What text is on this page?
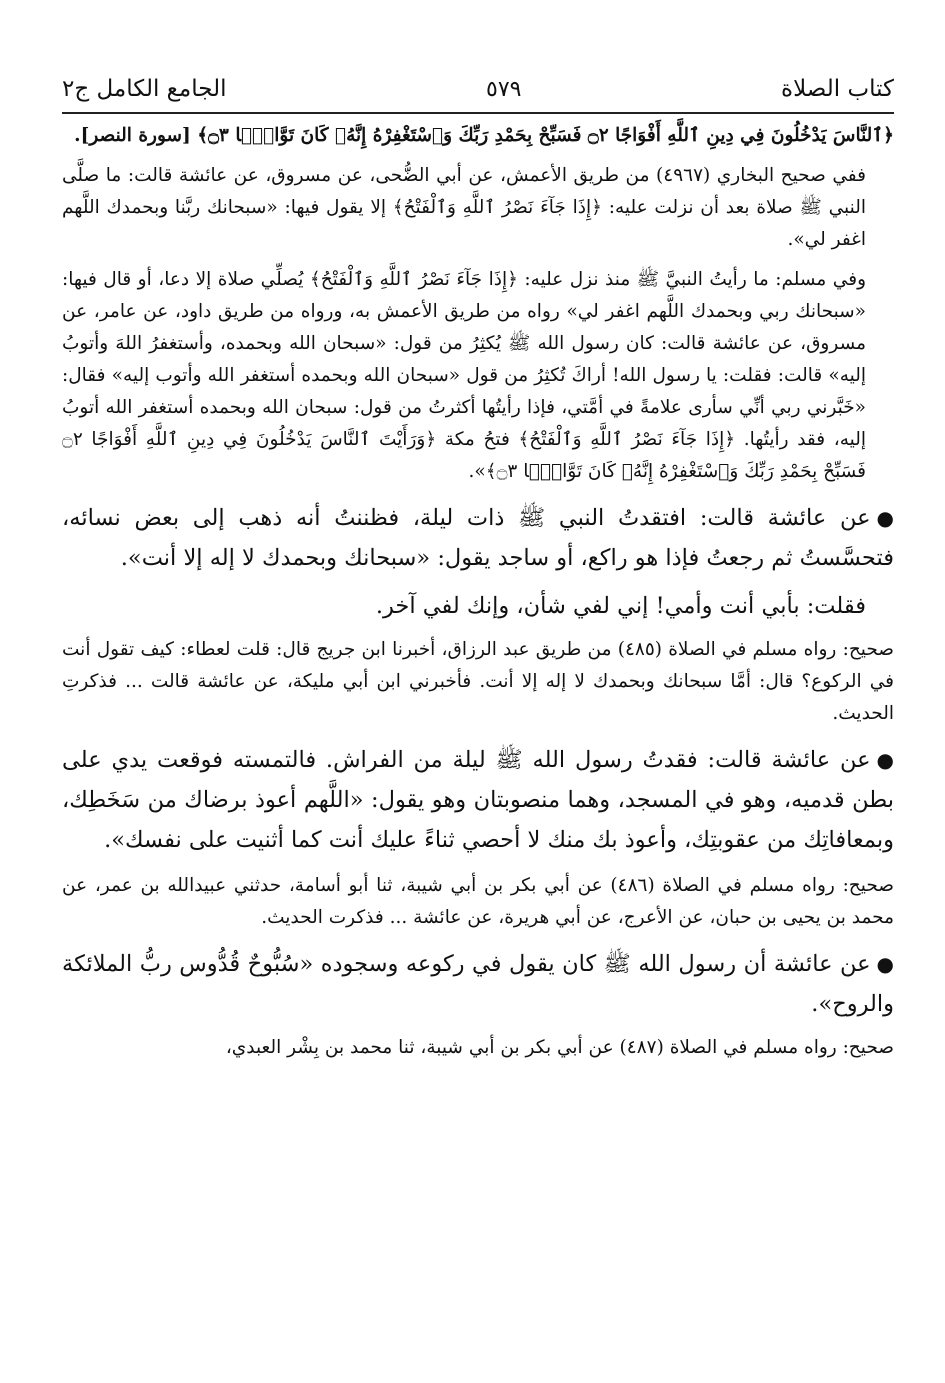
كتاب الصلاة
٥٧٩
الجامع الكامل ج٢

﴿ٱلنَّاسَ يَدْخُلُونَ فِي دِينِ ٱللَّهِ أَفْوَاجًا ۝٢ فَسَبِّحْ بِحَمْدِ رَبِّكَ وَٱسْتَغْفِرْهُ إِنَّهُۥ كَانَ تَوَّابًۢا ۝٣﴾ [سورة النصر].

ففي صحيح البخاري (٤٩٦٧) من طريق الأعمش، عن أبي الضُّحى، عن مسروق، عن عائشة قالت: ما صلَّى النبي ﷺ صلاة بعد أن نزلت عليه: ﴿إِذَا جَآءَ نَصْرُ ٱللَّهِ وَٱلْفَتْحُ﴾ إلا يقول فيها: «سبحانك ربَّنا وبحمدك اللَّهم اغفر لي».

وفي مسلم: ما رأيتُ النبيَّ ﷺ منذ نزل عليه: ﴿إِذَا جَآءَ نَصْرُ ٱللَّهِ وَٱلْفَتْحُ﴾ يُصلِّي صلاة إلا دعا، أو قال فيها: «سبحانك ربي وبحمدك اللَّهم اغفر لي» رواه من طريق الأعمش به، ورواه من طريق داود، عن عامر، عن مسروق، عن عائشة قالت: كان رسول الله ﷺ يُكثِرُ من قول: «سبحان الله وبحمده، وأستغفرُ اللهَ وأتوبُ إليه» قالت: فقلت: يا رسول الله! أراكَ تُكثِرُ من قول «سبحان الله وبحمده أستغفر الله وأتوب إليه» فقال: «خَبَّرني ربي أنِّي سأرى علامةً في أمَّتي، فإذا رأيتُها أكثرتُ من قول: سبحان الله وبحمده أستغفر الله أتوبُ إليه، فقد رأيتُها. ﴿إِذَا جَآءَ نَصْرُ ٱللَّهِ وَٱلْفَتْحُ﴾ فتحُ مكة ﴿وَرَأَيْتَ ٱلنَّاسَ يَدْخُلُونَ فِي دِينِ ٱللَّهِ أَفْوَاجًا ۝٢ فَسَبِّحْ بِحَمْدِ رَبِّكَ وَٱسْتَغْفِرْهُ إِنَّهُۥ كَانَ تَوَّابًۢا ۝٣﴾».

●عن عائشة قالت: افتقدتُ النبي ﷺ ذات ليلة، فظننتُ أنه ذهب إلى بعض نسائه، فتحسَّستُ ثم رجعتُ فإذا هو راكع، أو ساجد يقول: «سبحانك وبحمدك لا إله إلا أنت».

فقلت: بأبي أنت وأمي! إني لفي شأن، وإنك لفي آخر.

صحيح: رواه مسلم في الصلاة (٤٨٥) من طريق عبد الرزاق، أخبرنا ابن جريج قال: قلت لعطاء: كيف تقول أنت في الركوع؟ قال: أمَّا سبحانك وبحمدك لا إله إلا أنت. فأخبرني ابن أبي مليكة، عن عائشة قالت ... فذكرتِ الحديث.

●عن عائشة قالت: فقدتُ رسول الله ﷺ ليلة من الفراش. فالتمسته فوقعت يدي على بطن قدميه، وهو في المسجد، وهما منصوبتان وهو يقول: «اللَّهم أعوذ برضاك من سَخَطِك، وبمعافاتِك من عقوبتِك، وأعوذ بك منك لا أحصي ثناءً عليك أنت كما أثنيت على نفسك».

صحيح: رواه مسلم في الصلاة (٤٨٦) عن أبي بكر بن أبي شيبة، ثنا أبو أسامة، حدثني عبيدالله بن عمر، عن محمد بن يحيى بن حبان، عن الأعرج، عن أبي هريرة، عن عائشة ... فذكرت الحديث.

●عن عائشة أن رسول الله ﷺ كان يقول في ركوعه وسجوده «سُبُّوحٌ قُدُّوس ربُّ الملائكة والروح».

صحيح: رواه مسلم في الصلاة (٤٨٧) عن أبي بكر بن أبي شيبة، ثنا محمد بن بِشْر العبدي،
